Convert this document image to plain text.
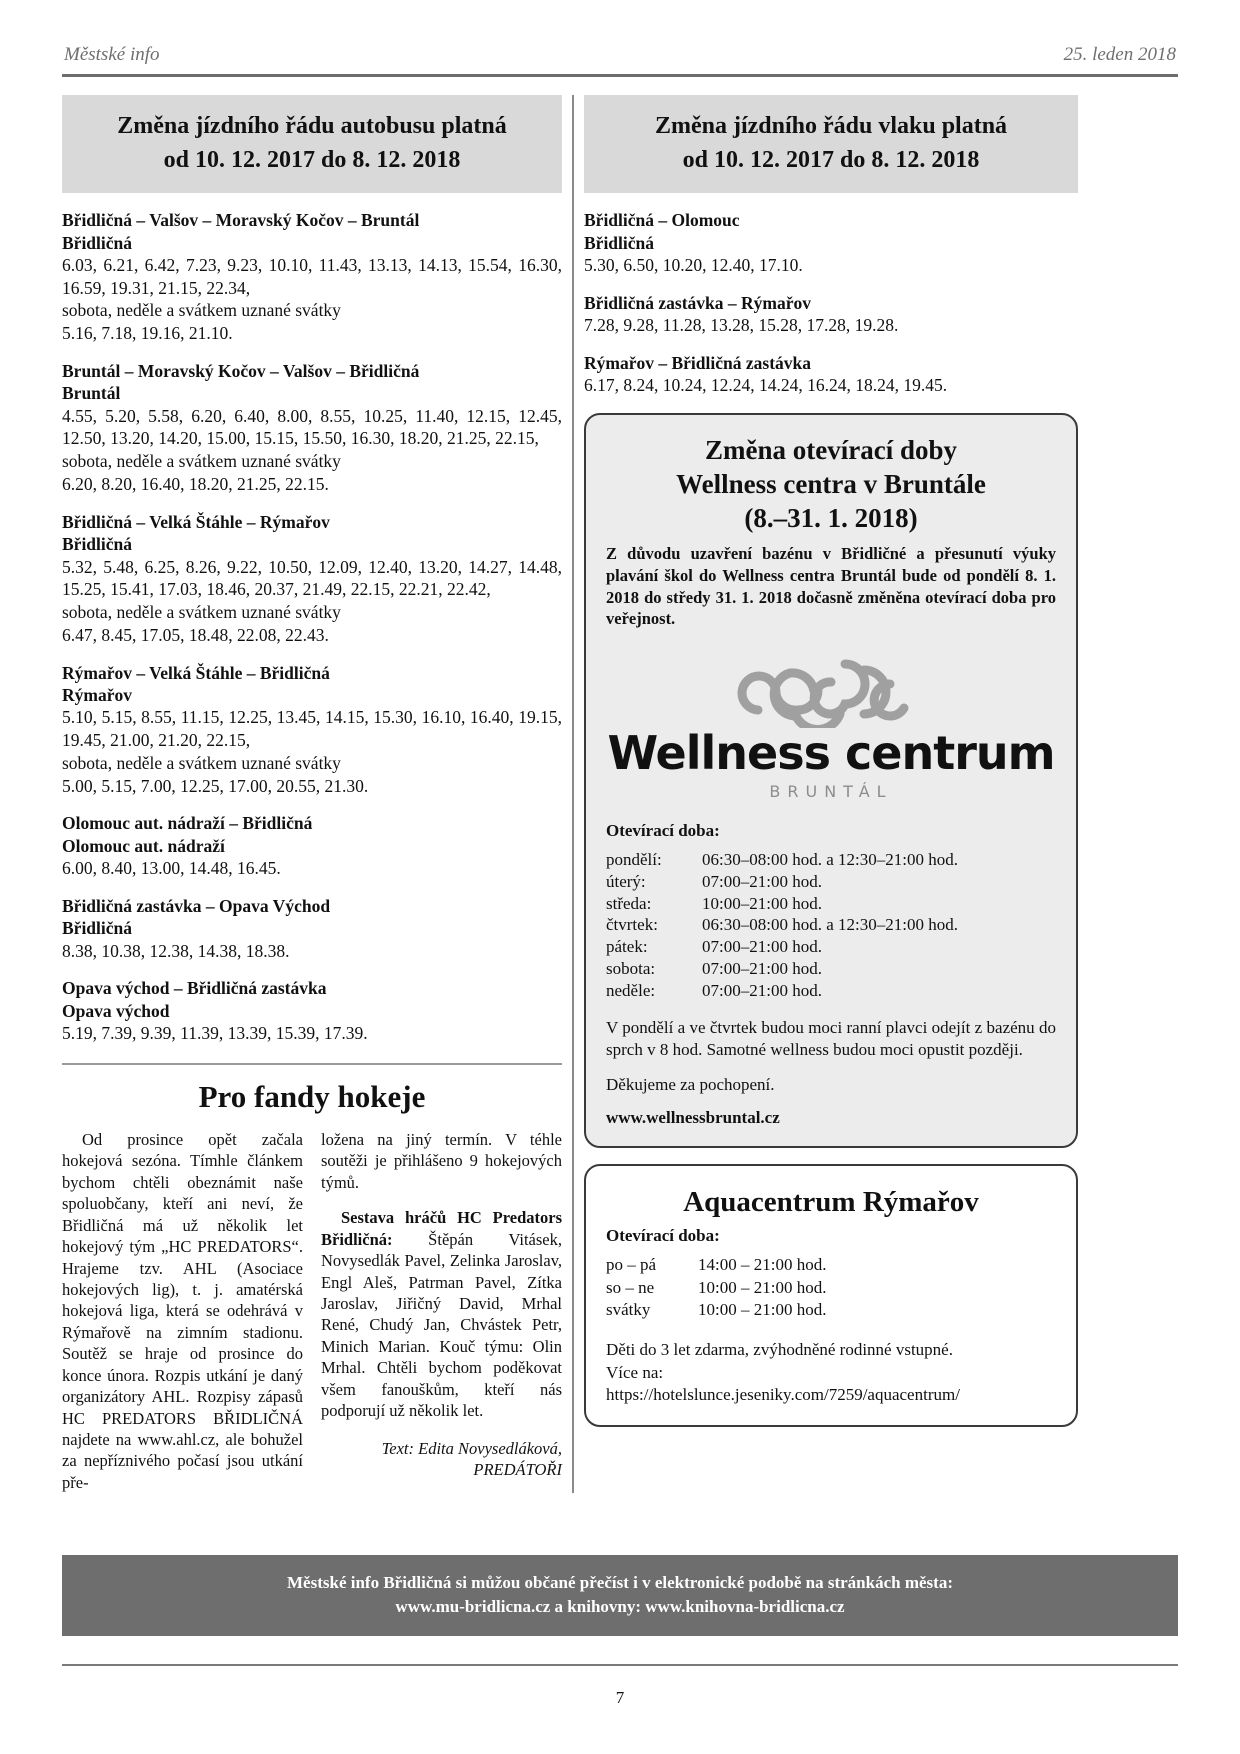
Městské info	25. leden 2018
Změna jízdního řádu autobusu platná
od 10. 12. 2017 do 8. 12. 2018
Břidličná – Valšov – Moravský Kočov – Bruntál
Břidličná
6.03, 6.21, 6.42, 7.23, 9.23, 10.10, 11.43, 13.13, 14.13, 15.54, 16.30, 16.59, 19.31, 21.15, 22.34,
sobota, neděle a svátkem uznané svátky
5.16, 7.18, 19.16, 21.10.
Bruntál – Moravský Kočov – Valšov – Břidličná
Bruntál
4.55, 5.20, 5.58, 6.20, 6.40, 8.00, 8.55, 10.25, 11.40, 12.15, 12.45, 12.50, 13.20, 14.20, 15.00, 15.15, 15.50, 16.30, 18.20, 21.25, 22.15,
sobota, neděle a svátkem uznané svátky
6.20, 8.20, 16.40, 18.20, 21.25, 22.15.
Břidličná – Velká Štáhle – Rýmařov
Břidličná
5.32, 5.48, 6.25, 8.26, 9.22, 10.50, 12.09, 12.40, 13.20, 14.27, 14.48, 15.25, 15.41, 17.03, 18.46, 20.37, 21.49, 22.15, 22.21, 22.42,
sobota, neděle a svátkem uznané svátky
6.47, 8.45, 17.05, 18.48, 22.08, 22.43.
Rýmařov – Velká Štáhle – Břidličná
Rýmařov
5.10, 5.15, 8.55, 11.15, 12.25, 13.45, 14.15, 15.30, 16.10, 16.40, 19.15, 19.45, 21.00, 21.20, 22.15,
sobota, neděle a svátkem uznané svátky
5.00, 5.15, 7.00, 12.25, 17.00, 20.55, 21.30.
Olomouc aut. nádraží – Břidličná
Olomouc aut. nádraží
6.00, 8.40, 13.00, 14.48, 16.45.
Břidličná zastávka – Opava Východ
Břidličná
8.38, 10.38, 12.38, 14.38, 18.38.
Opava východ – Břidličná zastávka
Opava východ
5.19, 7.39, 9.39, 11.39, 13.39, 15.39, 17.39.
Pro fandy hokeje

Od prosince opět začala hokejová sezóna. Tímhle článkem bychom chtěli obeznámit naše spoluobčany, kteří ani neví, že Břidličná má už několik let hokejový tým „HC PREDATORS“. Hrajeme tzv. AHL (Asociace hokejových lig), t. j. amatérská hokejová liga, která se odehrává v Rýmařově na zimním stadionu. Soutěž se hraje od prosince do konce února. Rozpis utkání je daný organizátory AHL. Rozpisy zápasů HC PREDATORS BŘIDLIČNÁ najdete na www.ahl.cz, ale bohužel za nepříznivého počasí jsou utkání pře-

ložena na jiný termín. V téhle soutěži je přihlášeno 9 hokejových týmů.

Sestava hráčů HC Predators Břidličná: Štěpán Vitásek, Novysedlák Pavel, Zelinka Jaroslav, Engl Aleš, Patrman Pavel, Zítka Jaroslav, Jiřičný David, Mrhal René, Chudý Jan, Chvástek Petr, Minich Marian. Kouč týmu: Olin Mrhal. Chtěli bychom poděkovat všem fanouškům, kteří nás podporují už několik let.

Text: Edita Novysedláková,
PREDÁTOŘI
Změna jízdního řádu vlaku platná
od 10. 12. 2017 do 8. 12. 2018
Břidličná – Olomouc
Břidličná
5.30, 6.50, 10.20, 12.40, 17.10.
Břidličná zastávka – Rýmařov
7.28, 9.28, 11.28, 13.28, 15.28, 17.28, 19.28.
Rýmařov – Břidličná zastávka
6.17, 8.24, 10.24, 12.24, 14.24, 16.24, 18.24, 19.45.
Změna otevírací doby
Wellness centra v Bruntále
(8.–31. 1. 2018)
Z důvodu uzavření bazénu v Břidličné a přesunutí výuky plavání škol do Wellness centra Bruntál bude od pondělí 8. 1. 2018 do středy 31. 1. 2018 dočasně změněna otevírací doba pro veřejnost.
Wellness centrum
BRUNTÁL
Otevírací doba:
pondělí:	06:30–08:00 hod. a 12:30–21:00 hod.
úterý:	07:00–21:00 hod.
středa:	10:00–21:00 hod.
čtvrtek:	06:30–08:00 hod. a 12:30–21:00 hod.
pátek:	07:00–21:00 hod.
sobota:	07:00–21:00 hod.
neděle:	07:00–21:00 hod.
V pondělí a ve čtvrtek budou moci ranní plavci odejít z bazénu do sprch v 8 hod. Samotné wellness budou moci opustit později.
Děkujeme za pochopení.
www.wellnessbruntal.cz
Aquacentrum Rýmařov
Otevírací doba:
po – pá	14:00 – 21:00 hod.
so – ne	10:00 – 21:00 hod.
svátky	10:00 – 21:00 hod.
Děti do 3 let zdarma, zvýhodněné rodinné vstupné.
Více na:
https://hotelslunce.jeseniky.com/7259/aquacentrum/
Městské info Břidličná si můžou občané přečíst i v elektronické podobě na stránkách města:
www.mu-bridlicna.cz a knihovny: www.knihovna-bridlicna.cz
7
